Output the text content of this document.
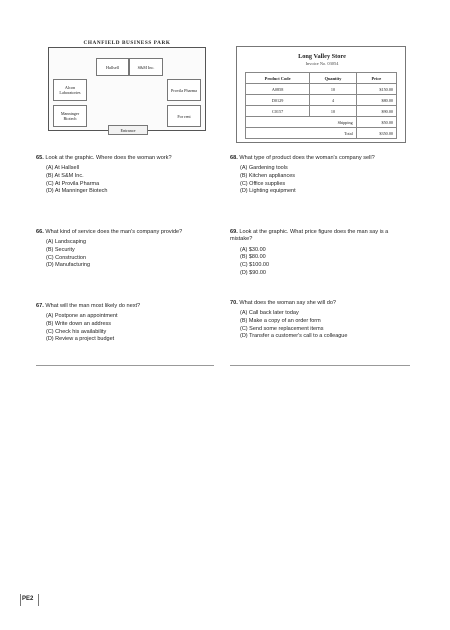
CHANFIELD BUSINESS PARK
Hallsell	S&M Inc.
Alcon Laboratories	Provila Pharma
Manninger Biotech	For rent
Entrance
Long Valley Store
Invoice No. 03054
Product Code	Quantity	Price
A0858	10	$150.00
D0129	4	$80.00
C0157	10	$90.00
Shipping		$50.00
Total		$350.00
65. Look at the graphic. Where does the woman work?
(A) At Hallsell
(B) At S&M Inc.
(C) At Provila Pharma
(D) At Manninger Biotech
66. What kind of service does the man's company provide?
(A) Landscaping
(B) Security
(C) Construction
(D) Manufacturing
67. What will the man most likely do next?
(A) Postpone an appointment
(B) Write down an address
(C) Check his availability
(D) Review a project budget
68. What type of product does the woman's company sell?
(A) Gardening tools
(B) Kitchen appliances
(C) Office supplies
(D) Lighting equipment
69. Look at the graphic. What price figure does the man say is a mistake?
(A) $30.00
(B) $80.00
(C) $100.00
(D) $90.00
70. What does the woman say she will do?
(A) Call back later today
(B) Make a copy of an order form
(C) Send some replacement items
(D) Transfer a customer's call to a colleague
PE2
